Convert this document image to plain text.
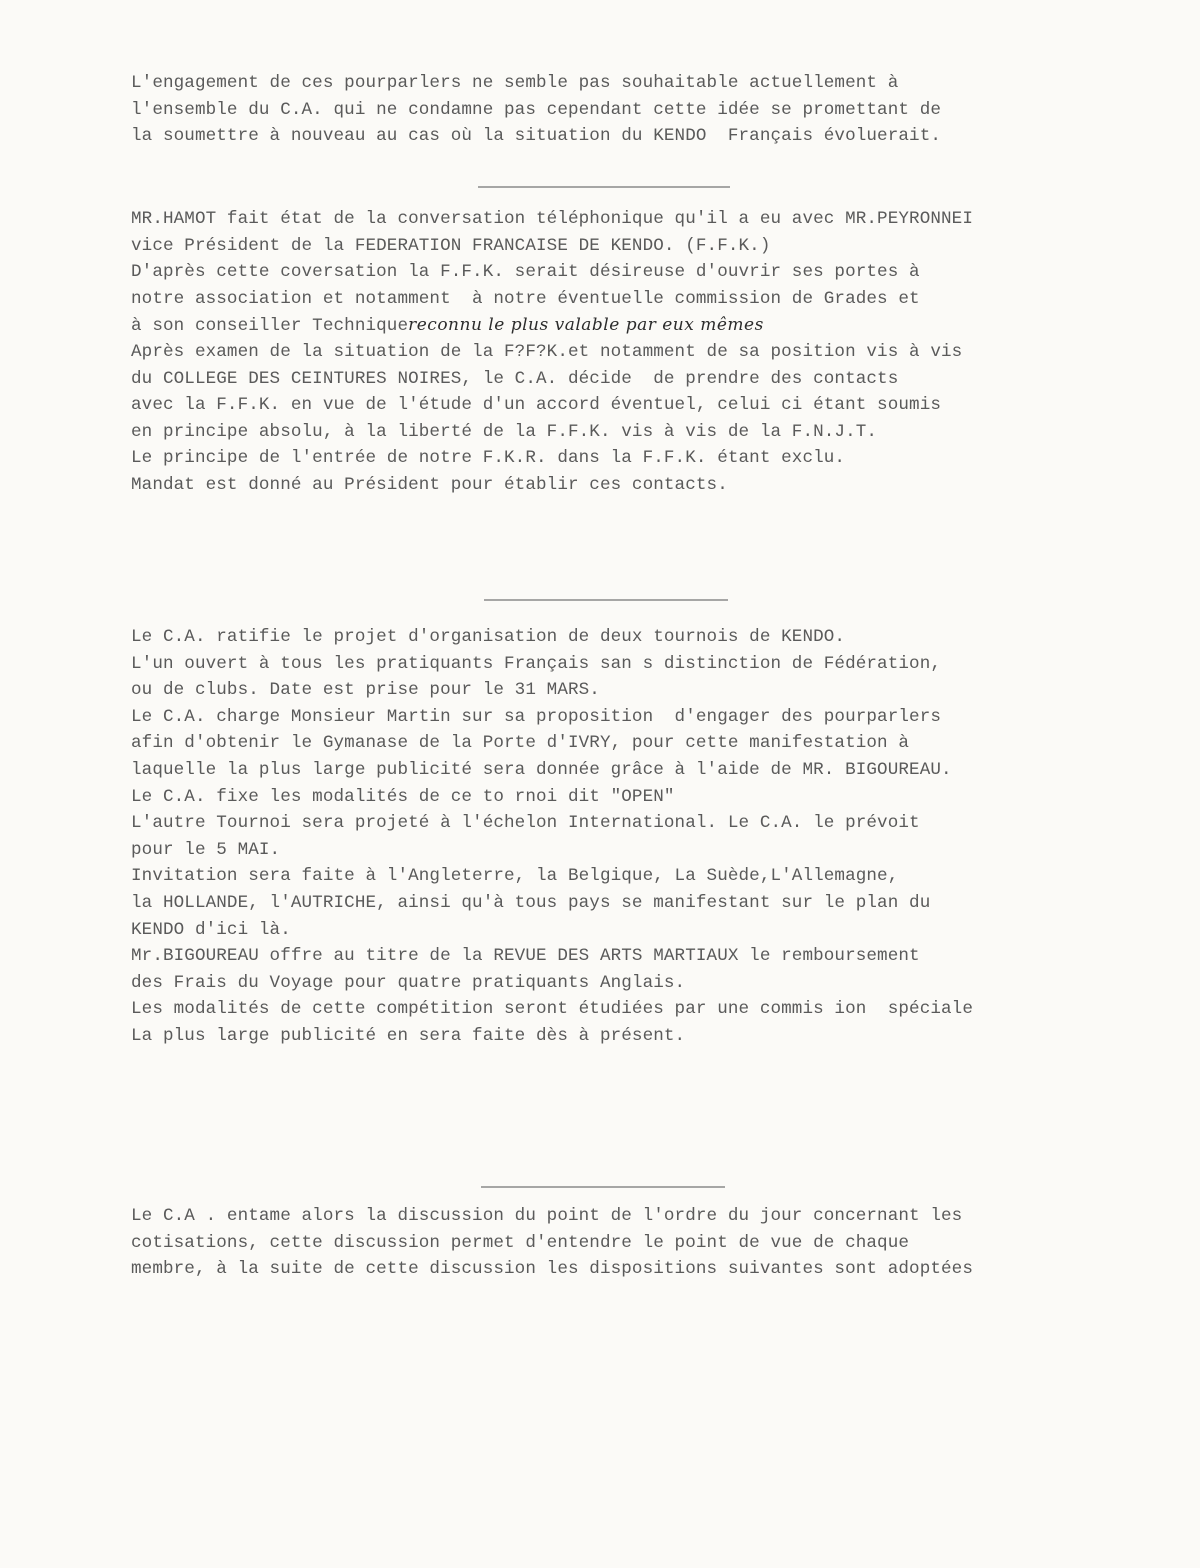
L'engagement de ces pourparlers ne semble pas souhaitable actuellement à
l'ensemble du C.A. qui ne condamne pas cependant cette idée se promettant de
la soumettre à nouveau au cas où la situation du KENDO  Français évoluerait.
MR.HAMOT fait état de la conversation téléphonique qu'il a eu avec MR.PEYRONNEI
vice Président de la FEDERATION FRANCAISE DE KENDO. (F.F.K.)
D'après cette coversation la F.F.K. serait désireuse d'ouvrir ses portes à
notre association et notamment  à notre éventuelle commission de Grades et
à son conseiller Techniquereconnu le plus valable par eux mêmes
Après examen de la situation de la F?F?K.et notamment de sa position vis à vis
du COLLEGE DES CEINTURES NOIRES, le C.A. décide  de prendre des contacts
avec la F.F.K. en vue de l'étude d'un accord éventuel, celui ci étant soumis
en principe absolu, à la liberté de la F.F.K. vis à vis de la F.N.J.T.
Le principe de l'entrée de notre F.K.R. dans la F.F.K. étant exclu.
Mandat est donné au Président pour établir ces contacts.
Le C.A. ratifie le projet d'organisation de deux tournois de KENDO.
L'un ouvert à tous les pratiquants Français san s distinction de Fédération,
ou de clubs. Date est prise pour le 31 MARS.
Le C.A. charge Monsieur Martin sur sa proposition  d'engager des pourparlers
afin d'obtenir le Gymanase de la Porte d'IVRY, pour cette manifestation à
laquelle la plus large publicité sera donnée grâce à l'aide de MR. BIGOUREAU.
Le C.A. fixe les modalités de ce to rnoi dit "OPEN"
L'autre Tournoi sera projeté à l'échelon International. Le C.A. le prévoit
pour le 5 MAI.
Invitation sera faite à l'Angleterre, la Belgique, La Suède,L'Allemagne,
la HOLLANDE, l'AUTRICHE, ainsi qu'à tous pays se manifestant sur le plan du
KENDO d'ici là.
Mr.BIGOUREAU offre au titre de la REVUE DES ARTS MARTIAUX le remboursement
des Frais du Voyage pour quatre pratiquants Anglais.
Les modalités de cette compétition seront étudiées par une commis ion  spéciale
La plus large publicité en sera faite dès à présent.
Le C.A . entame alors la discussion du point de l'ordre du jour concernant les
cotisations, cette discussion permet d'entendre le point de vue de chaque
membre, à la suite de cette discussion les dispositions suivantes sont adoptées
